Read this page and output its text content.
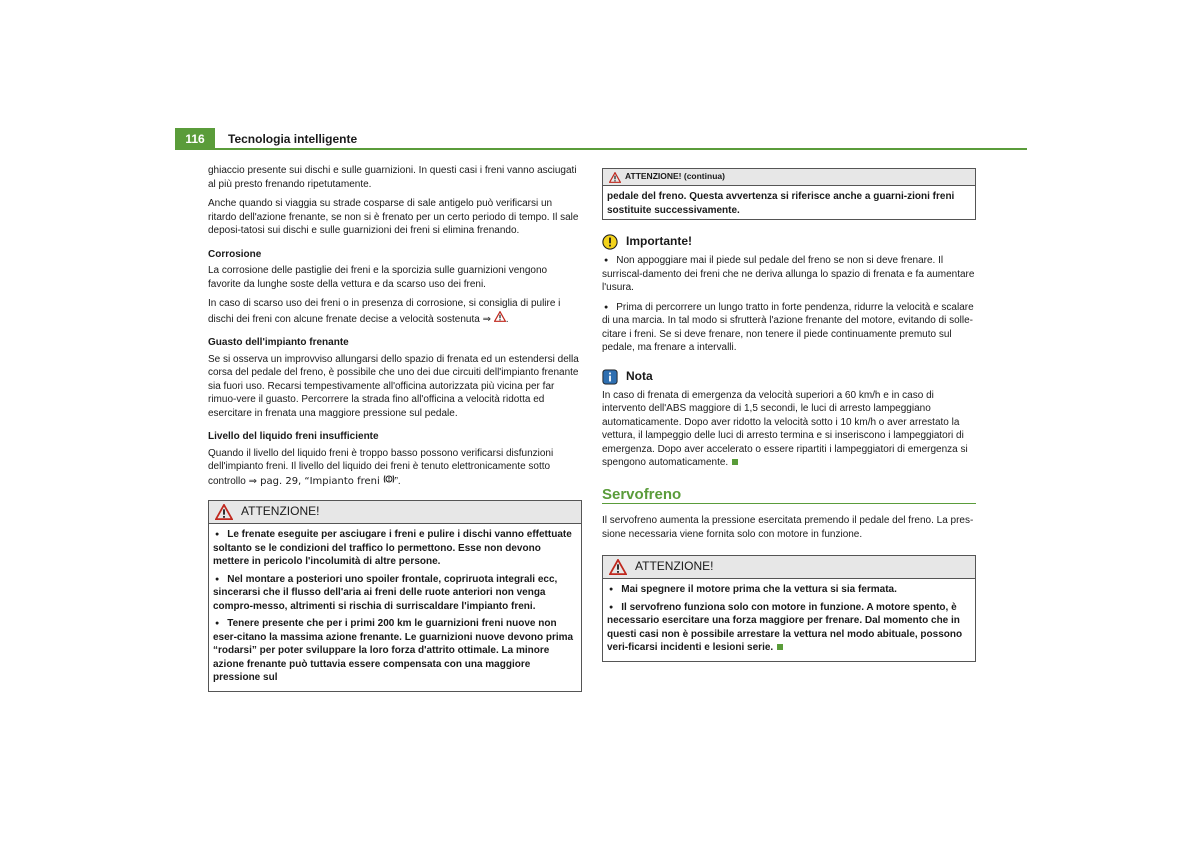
116	Tecnologia intelligente

ghiaccio presente sui dischi e sulle guarnizioni. In questi casi i freni vanno asciugati al più presto frenando ripetutamente.

Anche quando si viaggia su strade cosparse di sale antigelo può verificarsi un ritardo dell'azione frenante, se non si è frenato per un certo periodo di tempo. Il sale deposi-tatosi sui dischi e sulle guarnizioni dei freni si elimina frenando.

Corrosione

La corrosione delle pastiglie dei freni e la sporcizia sulle guarnizioni vengono favorite da lunghe soste della vettura e da scarso uso dei freni.

In caso di scarso uso dei freni o in presenza di corrosione, si consiglia di pulire i dischi dei freni con alcune frenate decise a velocità sostenuta ⇒ .

Guasto dell'impianto frenante

Se si osserva un improvviso allungarsi dello spazio di frenata ed un estendersi della corsa del pedale del freno, è possibile che uno dei due circuiti dell'impianto frenante sia fuori uso. Recarsi tempestivamente all'officina autorizzata più vicina per far rimuo-vere il guasto. Percorrere la strada fino all'officina a velocità ridotta ed esercitare in frenata una maggiore pressione sul pedale.

Livello del liquido freni insufficiente

Quando il livello del liquido freni è troppo basso possono verificarsi disfunzioni dell'impianto freni. Il livello del liquido dei freni è tenuto elettronicamente sotto controllo ⇒ pag. 29, “Impianto freni ”.

ATTENZIONE!

● Le frenate eseguite per asciugare i freni e pulire i dischi vanno effettuate soltanto se le condizioni del traffico lo permettono. Esse non devono mettere in pericolo l'incolumità di altre persone.

● Nel montare a posteriori uno spoiler frontale, copriruota integrali ecc, sincerarsi che il flusso dell'aria ai freni delle ruote anteriori non venga compro-messo, altrimenti si rischia di surriscaldare l'impianto freni.

● Tenere presente che per i primi 200 km le guarnizioni freni nuove non eser-citano la massima azione frenante. Le guarnizioni nuove devono prima “rodarsi” per poter sviluppare la loro forza d'attrito ottimale. La minore azione frenante può tuttavia essere compensata con una maggiore pressione sul

ATTENZIONE! (continua)
pedale del freno. Questa avvertenza si riferisce anche a guarni-zioni freni sostituite successivamente.
Importante!

● Non appoggiare mai il piede sul pedale del freno se non si deve frenare. Il surriscal-damento dei freni che ne deriva allunga lo spazio di frenata e fa aumentare l'usura.

● Prima di percorrere un lungo tratto in forte pendenza, ridurre la velocità e scalare di una marcia. In tal modo si sfrutterà l'azione frenante del motore, evitando di solle-citare i freni. Se si deve frenare, non tenere il piede continuamente premuto sul pedale, ma frenare a intervalli.

Nota

In caso di frenata di emergenza da velocità superiori a 60 km/h e in caso di intervento dell'ABS maggiore di 1,5 secondi, le luci di arresto lampeggiano automaticamente. Dopo aver ridotto la velocità sotto i 10 km/h o aver arrestato la vettura, il lampeggio delle luci di arresto termina e si inseriscono i lampeggiatori di emergenza. Dopo aver accelerato o essere ripartiti i lampeggiatori di emergenza si spengono automaticamente.

Servofreno

Il servofreno aumenta la pressione esercitata premendo il pedale del freno. La pres-sione necessaria viene fornita solo con motore in funzione.

ATTENZIONE!

● Mai spegnere il motore prima che la vettura si sia fermata.

● Il servofreno funziona solo con motore in funzione. A motore spento, è necessario esercitare una forza maggiore per frenare. Dal momento che in questi casi non è possibile arrestare la vettura nel modo abituale, possono veri-ficarsi incidenti e lesioni serie.
